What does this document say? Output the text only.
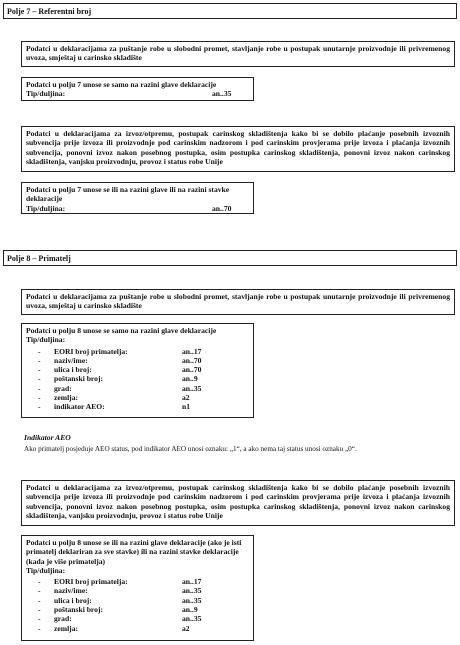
Polje 7 – Referentni broj

Podatci u deklaracijama za puštanje robe u slobodni promet, stavljanje robe u postupak unutarnje proizvodnje ili privremenog uvoza, smještaj u carinsko skladište

Podatci u polju 7 unose se samo na razini glave deklaracije

Tip/duljina:	an..35

Podatci u deklaracijama za izvoz/otpremu, postupak carinskog skladištenja kako bi se dobilo plaćanje posebnih izvoznih subvencija prije izvoza ili proizvodnje pod carinskim nadzorom i pod carinskim provjerama prije izvoza i plaćanja izvoznih subvencija, ponovni izvoz nakon posebnog postupka, osim postupka carinskog skladištenja, ponovni izvoz nakon carinskog skladištenja, vanjsku proizvodnju, provoz i status robe Unije

Podatci u polju 7 unose se ili na razini glave ili na razini stavke deklaracije

Tip/duljina:	an..70
Polje 8 – Primatelj

Podatci u deklaracijama za puštanje robe u slobodni promet, stavljanje robe u postupak unutarnje proizvodnje ili privremenog uvoza, smještaj u carinsko skladište

Podatci u polju 8 unose se samo na razini glave deklaracije

Tip/duljina:

-	EORI broj primatelja:	an..17
-	naziv/ime:	an..70
-	ulica i broj:	an..70
-	poštanski broj:	an..9
-	grad:	an..35
-	zemlja:	a2
-	indikator AEO:	n1
Indikator AEO
Ako primatelj posjeduje AEO status, pod indikator AEO unosi oznaku: „1“, a ako nema taj status unosi oznaku „0“.

Podatci u deklaracijama za izvoz/otpremu, postupak carinskog skladištenja kako bi se dobilo plaćanje posebnih izvoznih subvencija prije izvoza ili proizvodnje pod carinskim nadzorom i pod carinskim provjerama prije izvoza i plaćanja izvoznih subvencija, ponovni izvoz nakon posebnog postupka, osim postupka carinskog skladištenja, ponovni izvoz nakon carinskog skladištenja, vanjsku proizvodnju, provoz i status robe Unije

Podatci u polju 8 unose se ili na razini glave deklaracije (ako je isti primatelj deklariran za sve stavke) ili na razini stavke deklaracije (kada je više primatelja)

Tip/duljina:

-	EORI broj primatelja:	an..17
-	naziv/ime:	an..35
-	ulica i broj:	an..35
-	poštanski broj:	an..9
-	grad:	an..35
-	zemlja:	a2
